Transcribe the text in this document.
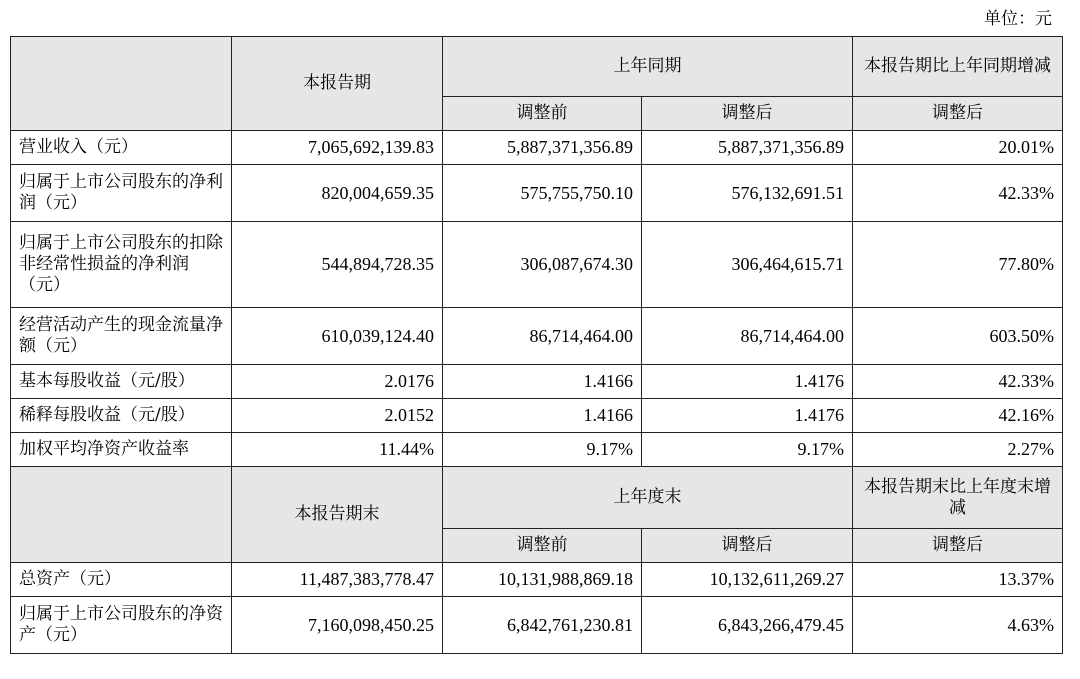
单位：元
	本报告期	上年同期		本报告期比上年同期增减
		调整前	调整后	调整后
营业收入（元）	7,065,692,139.83	5,887,371,356.89	5,887,371,356.89	20.01%
归属于上市公司股东的净利润（元）	820,004,659.35	575,755,750.10	576,132,691.51	42.33%
归属于上市公司股东的扣除非经常性损益的净利润（元）	544,894,728.35	306,087,674.30	306,464,615.71	77.80%
经营活动产生的现金流量净额（元）	610,039,124.40	86,714,464.00	86,714,464.00	603.50%
基本每股收益（元/股）	2.0176	1.4166	1.4176	42.33%
稀释每股收益（元/股）	2.0152	1.4166	1.4176	42.16%
加权平均净资产收益率	11.44%	9.17%	9.17%	2.27%
	本报告期末	上年度末		本报告期末比上年度末增减
		调整前	调整后	调整后
总资产（元）	11,487,383,778.47	10,131,988,869.18	10,132,611,269.27	13.37%
归属于上市公司股东的净资产（元）	7,160,098,450.25	6,842,761,230.81	6,843,266,479.45	4.63%
